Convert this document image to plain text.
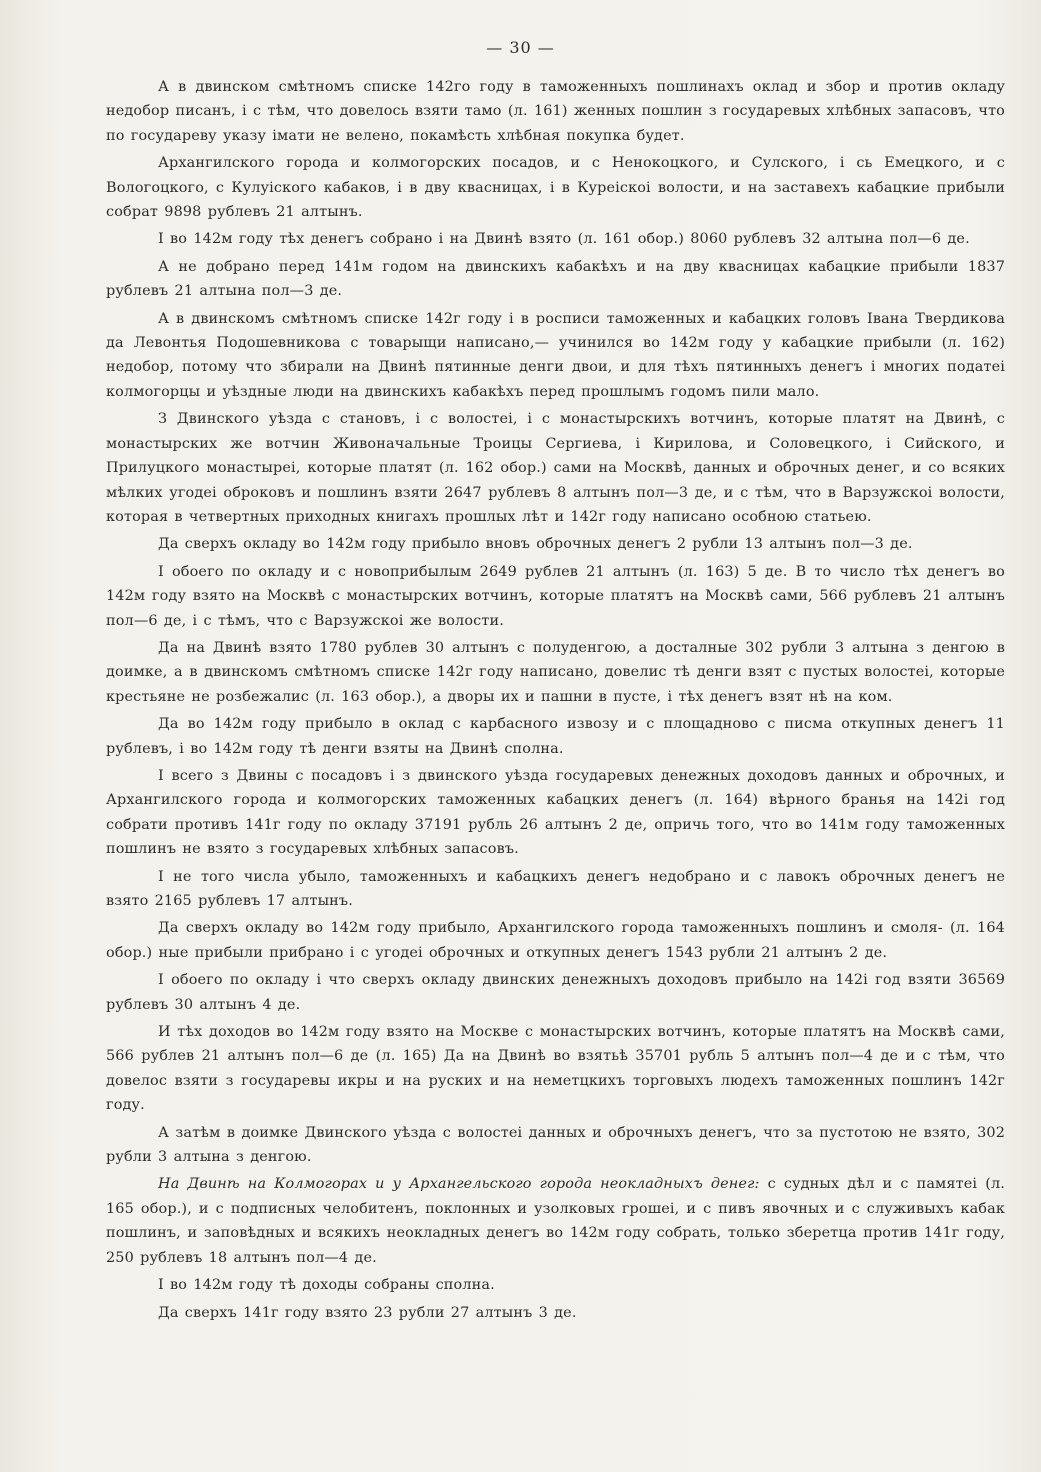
— 30 —

А в двинском смѣтномъ списке 142го году в таможенныхъ пошлинахъ оклад и збор и против окладу недобор писанъ, і с тѣм, что довелось взяти тамо (л. 161) женных пошлин з государевых хлѣбных запасовъ, что по государеву указу імати не велено, покамѣсть хлѣбная покупка будет.

Архангилского города и колмогорских посадов, и с Ненокоцкого, и Сулского, і сь Емецкого, и с Вологоцкого, с Кулуіского кабаков, і в дву квасницах, і в Куреіскоі волости, и на заставехъ кабацкие прибыли собрат 9898 рублевъ 21 алтынъ.

І во 142м году тѣх денегъ собрано і на Двинѣ взято (л. 161 обор.) 8060 рублевъ 32 алтына пол—6 де.

А не добрано перед 141м годом на двинскихъ кабакѣхъ и на дву квасницах кабацкие прибыли 1837 рублевъ 21 алтына пол—3 де.

А в двинскомъ смѣтномъ списке 142г году і в росписи таможенных и кабацких головъ Івана Твердикова да Левонтья Подошевникова с товарыщи написано,— учинился во 142м году у кабацкие прибыли (л. 162) недобор, потому что збирали на Двинѣ пятинные денги двои, и для тѣхъ пятинныхъ денегъ і многих податеі колмогорцы и уѣздные люди на двинскихъ кабакѣхъ перед прошлымъ годомъ пили мало.

З Двинского уѣзда с становъ, і с волостеі, і с монастырскихъ вотчинъ, которые платят на Двинѣ, с монастырских же вотчин Живоначальные Троицы Сергиева, і Кирилова, и Соловецкого, і Сийского, и Прилуцкого монастыреі, которые платят (л. 162 обор.) сами на Москвѣ, данных и оброчных денег, и со всяких мѣлких угодеі оброковъ и пошлинъ взяти 2647 рублевъ 8 алтынъ пол—3 де, и с тѣм, что в Варзужскоі волости, которая в четвертных приходных книгахъ прошлых лѣт и 142г году написано особною статьею.

Да сверхъ окладу во 142м году прибыло вновъ оброчных денегъ 2 рубли 13 алтынъ пол—3 де.

І обоего по окладу и с новоприбылым 2649 рублев 21 алтынъ (л. 163) 5 де. В то число тѣх денегъ во 142м году взято на Москвѣ с монастырских вотчинъ, которые платятъ на Москвѣ сами, 566 рублевъ 21 алтынъ пол—6 де, і с тѣмъ, что с Варзужскоі же волости.

Да на Двинѣ взято 1780 рублев 30 алтынъ с полуденгою, а досталные 302 рубли 3 алтына з денгою в доимке, а в двинскомъ смѣтномъ списке 142г году написано, довелис тѣ денги взят с пустых волостеі, которые крестьяне не розбежалис (л. 163 обор.), а дворы их и пашни в пусте, і тѣх денегъ взят нѣ на ком.

Да во 142м году прибыло в оклад с карбасного извозу и с площадново с писма откупных денегъ 11 рублевъ, і во 142м году тѣ денги взяты на Двинѣ сполна.

І всего з Двины с посадовъ і з двинского уѣзда государевых денежных доходовъ данных и оброчных, и Архангилского города и колмогорских таможенных кабацких денегъ (л. 164) вѣрного бранья на 142і год собрати противъ 141г году по окладу 37191 рубль 26 алтынъ 2 де, опричь того, что во 141м году таможенных пошлинъ не взято з государевых хлѣбных запасовъ.

І не того числа убыло, таможенныхъ и кабацкихъ денегъ недобрано и с лавокъ оброчных денегъ не взято 2165 рублевъ 17 алтынъ.

Да сверхъ окладу во 142м году прибыло, Архангилского города таможенныхъ пошлинъ и смоля- (л. 164 обор.) ные прибыли прибрано і с угодеі оброчных и откупных денегъ 1543 рубли 21 алтынъ 2 де.

І обоего по окладу і что сверхъ окладу двинских денежныхъ доходовъ прибыло на 142і год взяти 36569 рублевъ 30 алтынъ 4 де.

И тѣх доходов во 142м году взято на Москве с монастырских вотчинъ, которые платятъ на Москвѣ сами, 566 рублев 21 алтынъ пол—6 де (л. 165) Да на Двинѣ во взятьѣ 35701 рубль 5 алтынъ пол—4 де и с тѣм, что довелос взяти з государевы икры и на руских и на неметцкихъ торговыхъ людехъ таможенных пошлинъ 142г году.

А затѣм в доимке Двинского уѣзда с волостеі данных и оброчныхъ денегъ, что за пустотою не взято, 302 рубли 3 алтына з денгою.

На Двинѣ на Колмогорах и у Архангельского города неокладныхъ денег: с судных дѣл и с памятеі (л. 165 обор.), и с подписных челобитенъ, поклонных и узолковых грошеі, и с пивъ явочных и с служивыхъ кабак пошлинъ, и заповѣдных и всякихъ неокладных денегъ во 142м году собрать, только зберетца против 141г году, 250 рублевъ 18 алтынъ пол—4 де.

І во 142м году тѣ доходы собраны сполна.

Да сверхъ 141г году взято 23 рубли 27 алтынъ 3 де.
